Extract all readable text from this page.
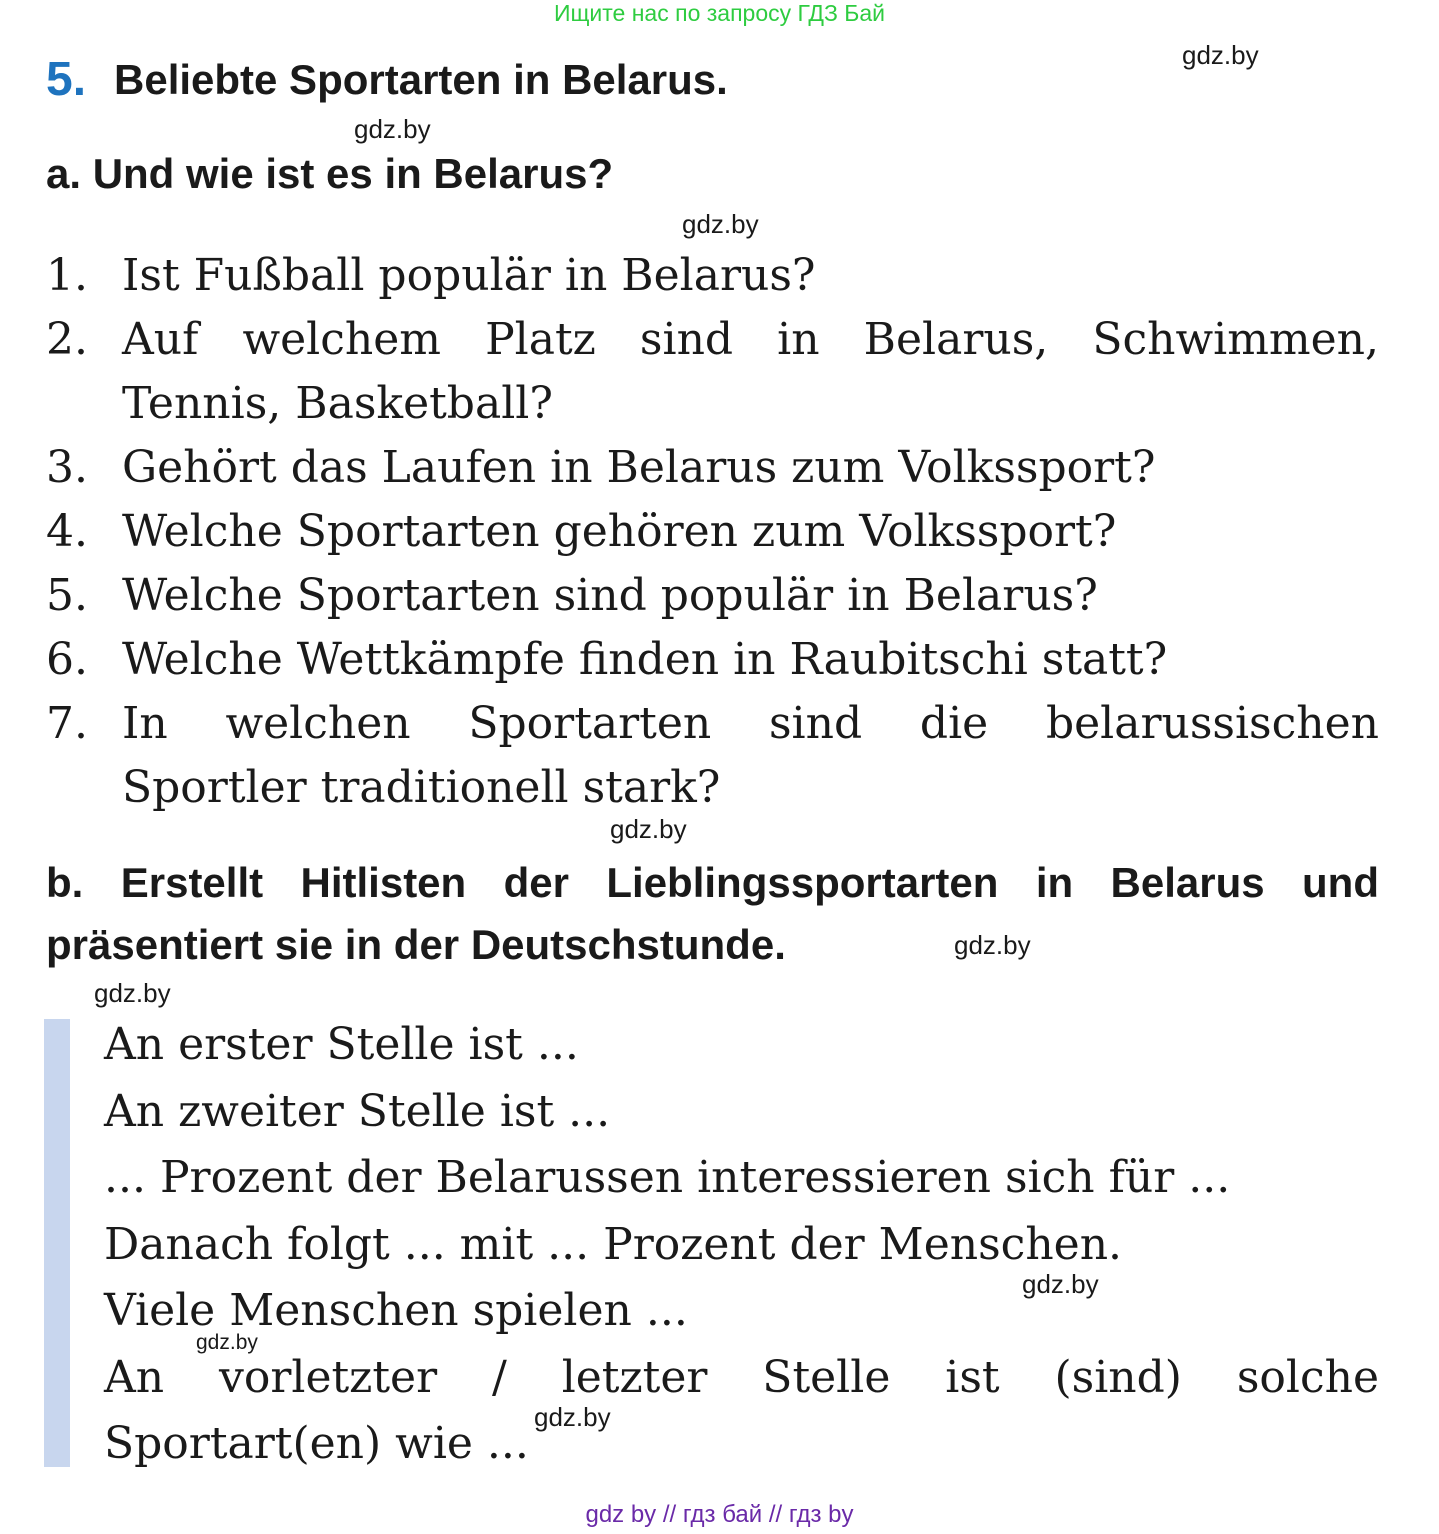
Ищите нас по запросу ГДЗ Бай
gdz.by
5. Beliebte Sportarten in Belarus.
gdz.by
a. Und wie ist es in Belarus?
gdz.by
1. Ist Fußball populär in Belarus?
2. Auf welchem Platz sind in Belarus, Schwimmen,
Tennis, Basketball?
3. Gehört das Laufen in Belarus zum Volkssport?
4. Welche Sportarten gehören zum Volkssport?
5. Welche Sportarten sind populär in Belarus?
6. Welche Wettkämpfe finden in Raubitschi statt?
7. In welchen Sportarten sind die belarussischen
Sportler traditionell stark?
gdz.by
b. Erstellt Hitlisten der Lieblingssportarten in Belarus und
präsentiert sie in der Deutschstunde.	gdz.by
gdz.by
An erster Stelle ist ...
An zweiter Stelle ist ...
... Prozent der Belarussen interessieren sich für ...
Danach folgt ... mit ... Prozent der Menschen.
Viele Menschen spielen ...
An vorletzter / letzter Stelle ist (sind) solche
Sportart(en) wie ...
gdz.by
gdz.by
gdz.by
gdz by // гдз бай // гдз by
